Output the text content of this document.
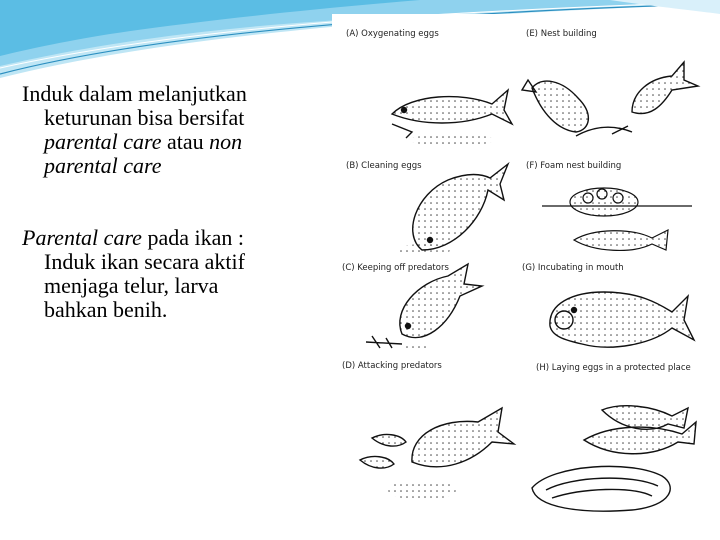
Induk dalam melanjutkan
keturunan bisa bersifat
parental care atau non
parental care

Parental care pada ikan :
Induk ikan secara aktif
menjaga telur, larva
bahkan benih.

(A) Oxygenating eggs	(E) Nest building
(B) Cleaning eggs	(F) Foam nest building
(C) Keeping off predators	(G) Incubating in mouth
(D) Attacking predators	(H) Laying eggs in a protected place
